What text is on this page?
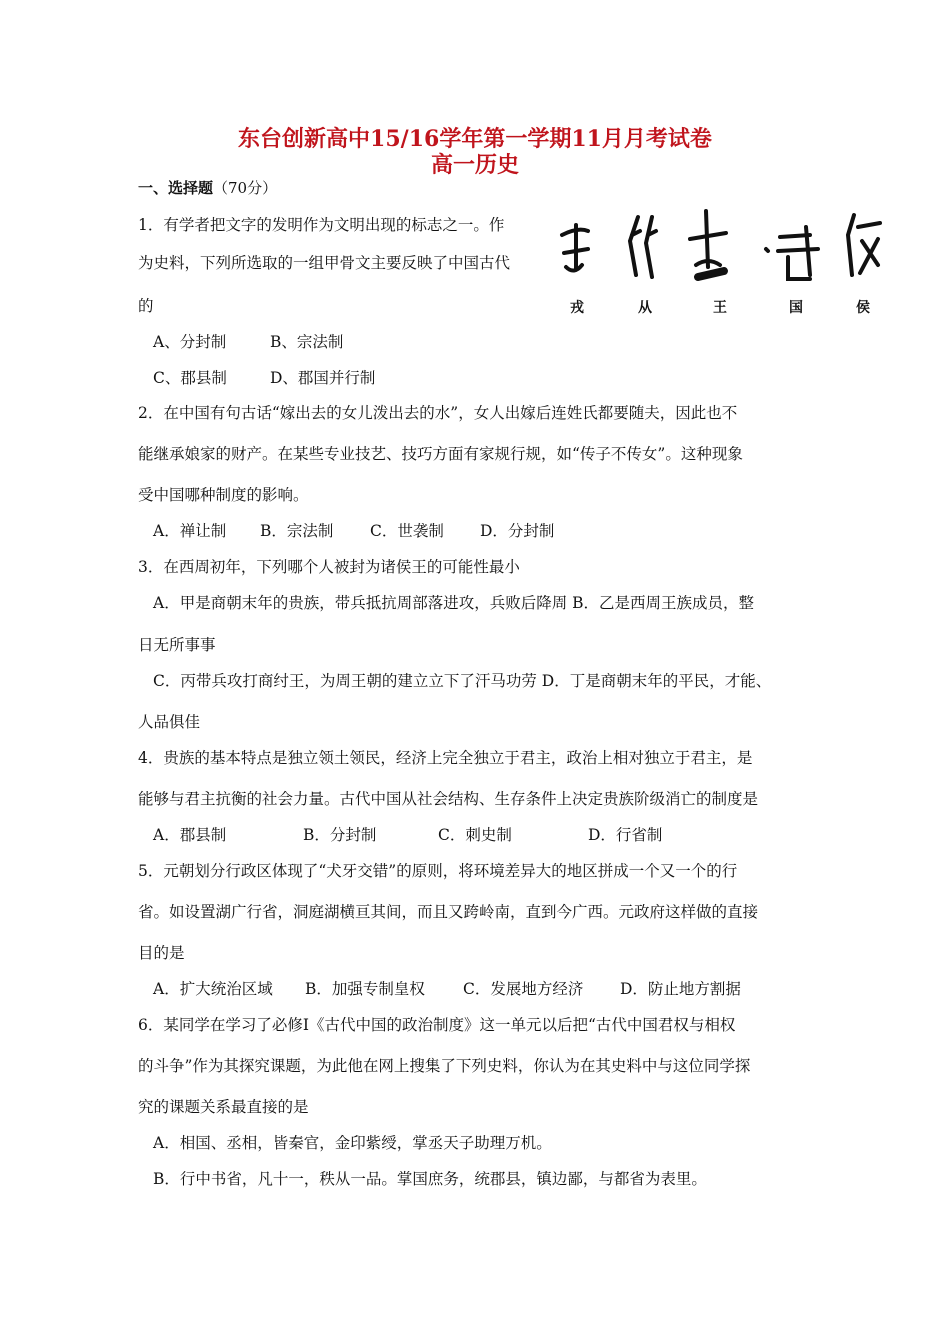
东台创新高中15/16学年第一学期11月月考试卷
高一历史
一、选择题（70分）
1．有学者把文字的发明作为文明出现的标志之一。作
为史料，下列所选取的一组甲骨文主要反映了中国古代
的
A、分封制	B、宗法制
C、郡县制	D、郡国并行制
戎	从	王	国	侯
2．在中国有句古话“嫁出去的女儿泼出去的水”，女人出嫁后连姓氏都要随夫，因此也不
能继承娘家的财产。在某些专业技艺、技巧方面有家规行规，如“传子不传女”。这种现象
受中国哪种制度的影响。
A．禅让制 B．宗法制 C．世袭制 D．分封制
3．在西周初年，下列哪个人被封为诸侯王的可能性最小
A．甲是商朝末年的贵族，带兵抵抗周部落进攻，兵败后降周 B．乙是西周王族成员，整
日无所事事
C．丙带兵攻打商纣王，为周王朝的建立立下了汗马功劳 D．丁是商朝末年的平民，才能、
人品俱佳
4．贵族的基本特点是独立领土领民，经济上完全独立于君主，政治上相对独立于君主，是
能够与君主抗衡的社会力量。古代中国从社会结构、生存条件上决定贵族阶级消亡的制度是
A．郡县制	B．分封制	C．刺史制	D．行省制
5．元朝划分行政区体现了“犬牙交错”的原则，将环境差异大的地区拼成一个又一个的行
省。如设置湖广行省，洞庭湖横亘其间，而且又跨岭南，直到今广西。元政府这样做的直接
目的是
A．扩大统治区域 B．加强专制皇权 C．发展地方经济 D．防止地方割据
6．某同学在学习了必修Ⅰ《古代中国的政治制度》这一单元以后把“古代中国君权与相权
的斗争”作为其探究课题，为此他在网上搜集了下列史料，你认为在其史料中与这位同学探
究的课题关系最直接的是
A．相国、丞相，皆秦官，金印紫绶，掌丞天子助理万机。
B．行中书省，凡十一，秩从一品。掌国庶务，统郡县，镇边鄙，与都省为表里。
